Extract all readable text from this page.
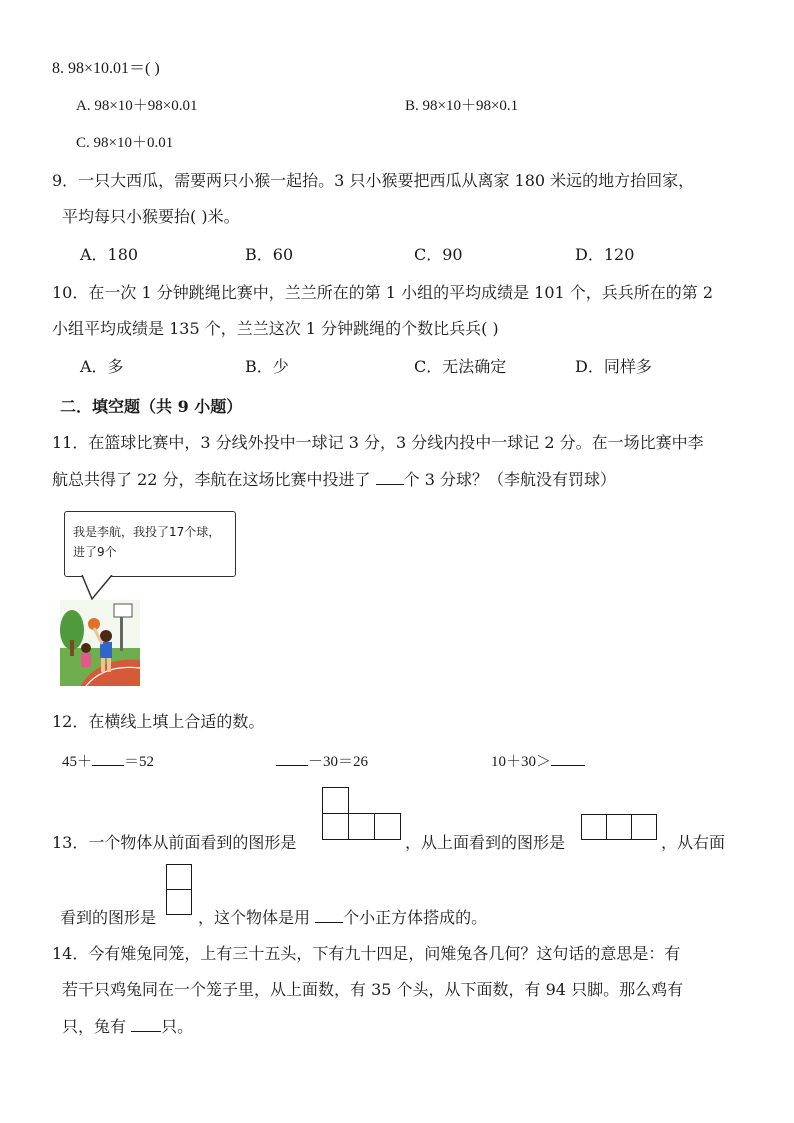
8. 98×10.01＝( )
A. 98×10＋98×0.01	B. 98×10＋98×0.1
C. 98×10＋0.01
9．一只大西瓜，需要两只小猴一起抬。3 只小猴要把西瓜从离家 180 米远的地方抬回家，
平均每只小猴要抬( )米。
A．180	B．60	C．90	D．120
10．在一次 1 分钟跳绳比赛中，兰兰所在的第 1 小组的平均成绩是 101 个，兵兵所在的第 2
小组平均成绩是 135 个，兰兰这次 1 分钟跳绳的个数比兵兵( )
A．多	B．少	C．无法确定	D．同样多
二．填空题（共 9 小题）
11．在篮球比赛中，3 分线外投中一球记 3 分，3 分线内投中一球记 2 分。在一场比赛中李
航总共得了 22 分，李航在这场比赛中投进了 个 3 分球？（李航没有罚球）
我是李航，我投了17个球，进了9个
12．在横线上填上合适的数。
45＋ ＝52	－30＝26	10＋30＞
13．一个物体从前面看到的图形是	，从上面看到的图形是	，从右面
看到的图形是	，这个物体是用 个小正方体搭成的。
14．今有雉兔同笼，上有三十五头，下有九十四足，问雉兔各几何？这句话的意思是：有
若干只鸡兔同在一个笼子里，从上面数，有 35 个头，从下面数，有 94 只脚。那么鸡有
只，兔有 只。
